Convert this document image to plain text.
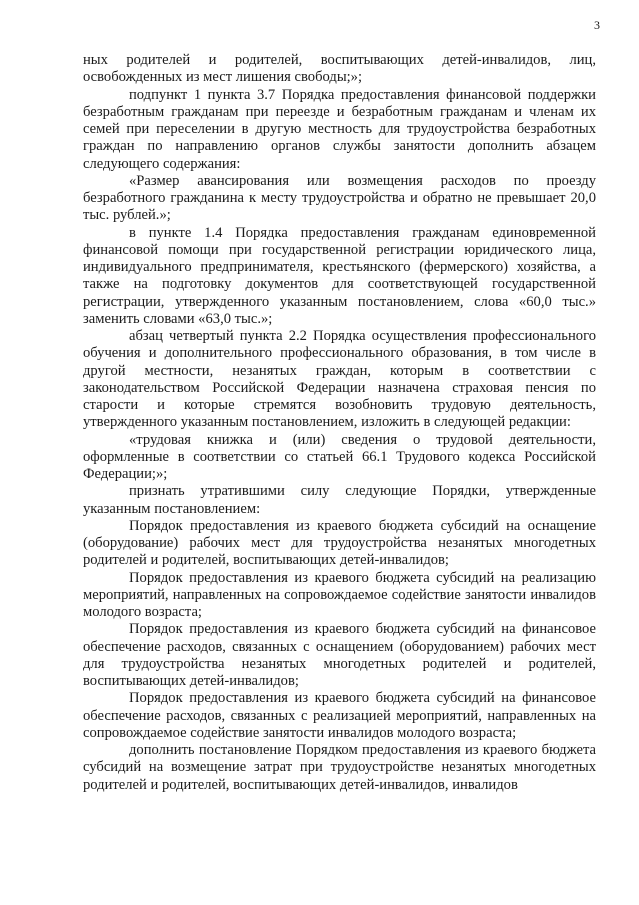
3

ных родителей и родителей, воспитывающих детей-инвалидов, лиц, освобожденных из мест лишения свободы;»;

подпункт 1 пункта 3.7 Порядка предоставления финансовой поддержки безработным гражданам при переезде и безработным гражданам и членам их семей при переселении в другую местность для трудоустройства безработных граждан по направлению органов службы занятости дополнить абзацем следующего содержания:

«Размер авансирования или возмещения расходов по проезду безработного гражданина к месту трудоустройства и обратно не превышает 20,0 тыс. рублей.»;

в пункте 1.4 Порядка предоставления гражданам единовременной финансовой помощи при государственной регистрации юридического лица, индивидуального предпринимателя, крестьянского (фермерского) хозяйства, а также на подготовку документов для соответствующей государственной регистрации, утвержденного указанным постановлением, слова «60,0 тыс.» заменить словами «63,0 тыс.»;

абзац четвертый пункта 2.2 Порядка осуществления профессионального обучения и дополнительного профессионального образования, в том числе в другой местности, незанятых граждан, которым в соответствии с законодательством Российской Федерации назначена страховая пенсия по старости и которые стремятся возобновить трудовую деятельность, утвержденного указанным постановлением, изложить в следующей редакции:

«трудовая книжка и (или) сведения о трудовой деятельности, оформленные в соответствии со статьей 66.1 Трудового кодекса Российской Федерации;»;

признать утратившими силу следующие Порядки, утвержденные указанным постановлением:

Порядок предоставления из краевого бюджета субсидий на оснащение (оборудование) рабочих мест для трудоустройства незанятых многодетных родителей и родителей, воспитывающих детей-инвалидов;

Порядок предоставления из краевого бюджета субсидий на реализацию мероприятий, направленных на сопровождаемое содействие занятости инвалидов молодого возраста;

Порядок предоставления из краевого бюджета субсидий на финансовое обеспечение расходов, связанных с оснащением (оборудованием) рабочих мест для трудоустройства незанятых многодетных родителей и родителей, воспитывающих детей-инвалидов;

Порядок предоставления из краевого бюджета субсидий на финансовое обеспечение расходов, связанных с реализацией мероприятий, направленных на сопровождаемое содействие занятости инвалидов молодого возраста;

дополнить постановление Порядком предоставления из краевого бюджета субсидий на возмещение затрат при трудоустройстве незанятых многодетных родителей и родителей, воспитывающих детей-инвалидов, инвалидов
